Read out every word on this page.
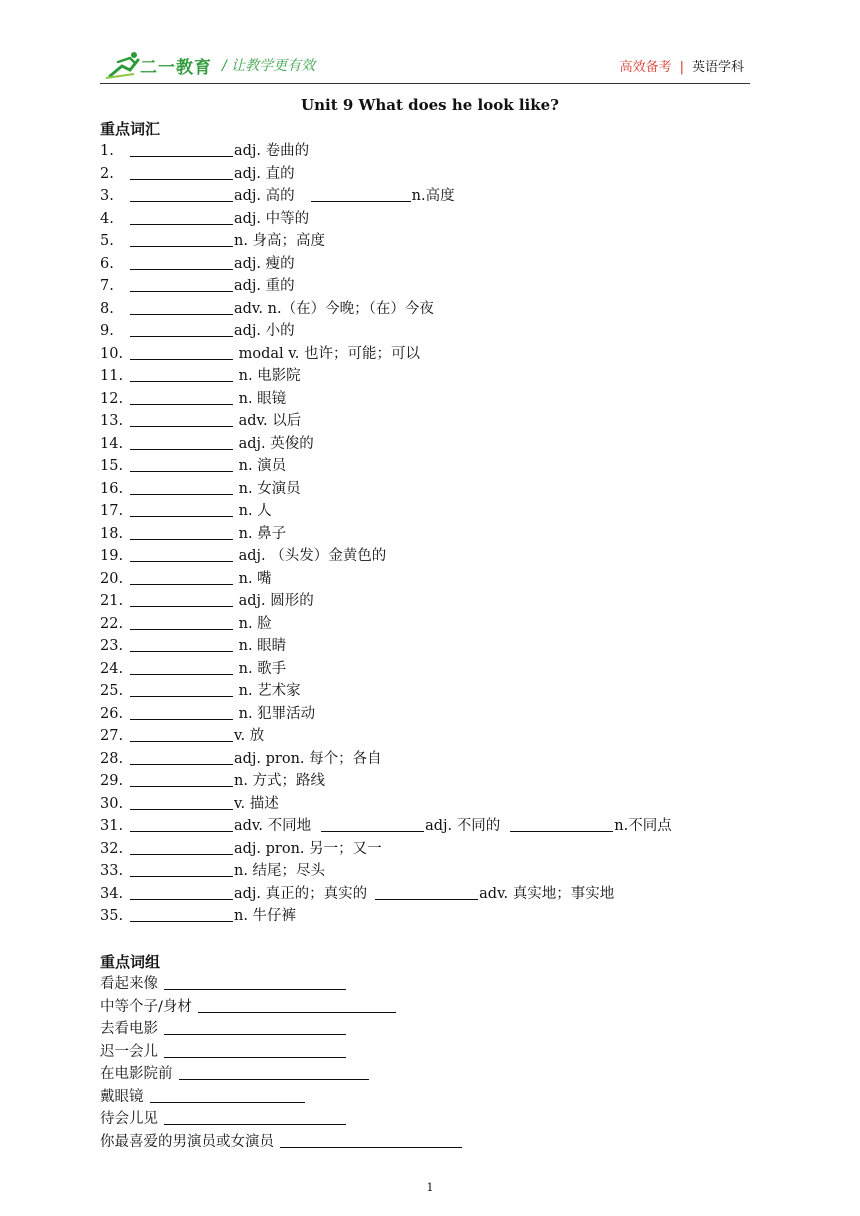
二一教育 / 让教学更有效	高效备考 | 英语学科
Unit 9 What does he look like?
重点词汇
1.	adj. 卷曲的
2.	adj. 直的
3.	adj. 高的	n.高度
4.	adj. 中等的
5.	n. 身高；高度
6.	adj. 瘦的
7.	adj. 重的
8.	adv. n.（在）今晚；（在）今夜
9.	adj. 小的
10.	modal v. 也许；可能；可以
11.	n. 电影院
12.	n. 眼镜
13.	adv. 以后
14.	adj. 英俊的
15.	n. 演员
16.	n. 女演员
17.	n. 人
18.	n. 鼻子
19.	adj. （头发）金黄色的
20.	n. 嘴
21.	adj. 圆形的
22.	n. 脸
23.	n. 眼睛
24.	n. 歌手
25.	n. 艺术家
26.	n. 犯罪活动
27.	v. 放
28.	adj. pron. 每个；各自
29.	n. 方式；路线
30.	v. 描述
31.	adv. 不同地	adj. 不同的	n.不同点
32.	adj. pron. 另一；又一
33.	n. 结尾；尽头
34.	adj. 真正的；真实的	adv. 真实地；事实地
35.	n. 牛仔裤
重点词组
看起来像
中等个子/身材
去看电影
迟一会儿
在电影院前
戴眼镜
待会儿见
你最喜爱的男演员或女演员
1
